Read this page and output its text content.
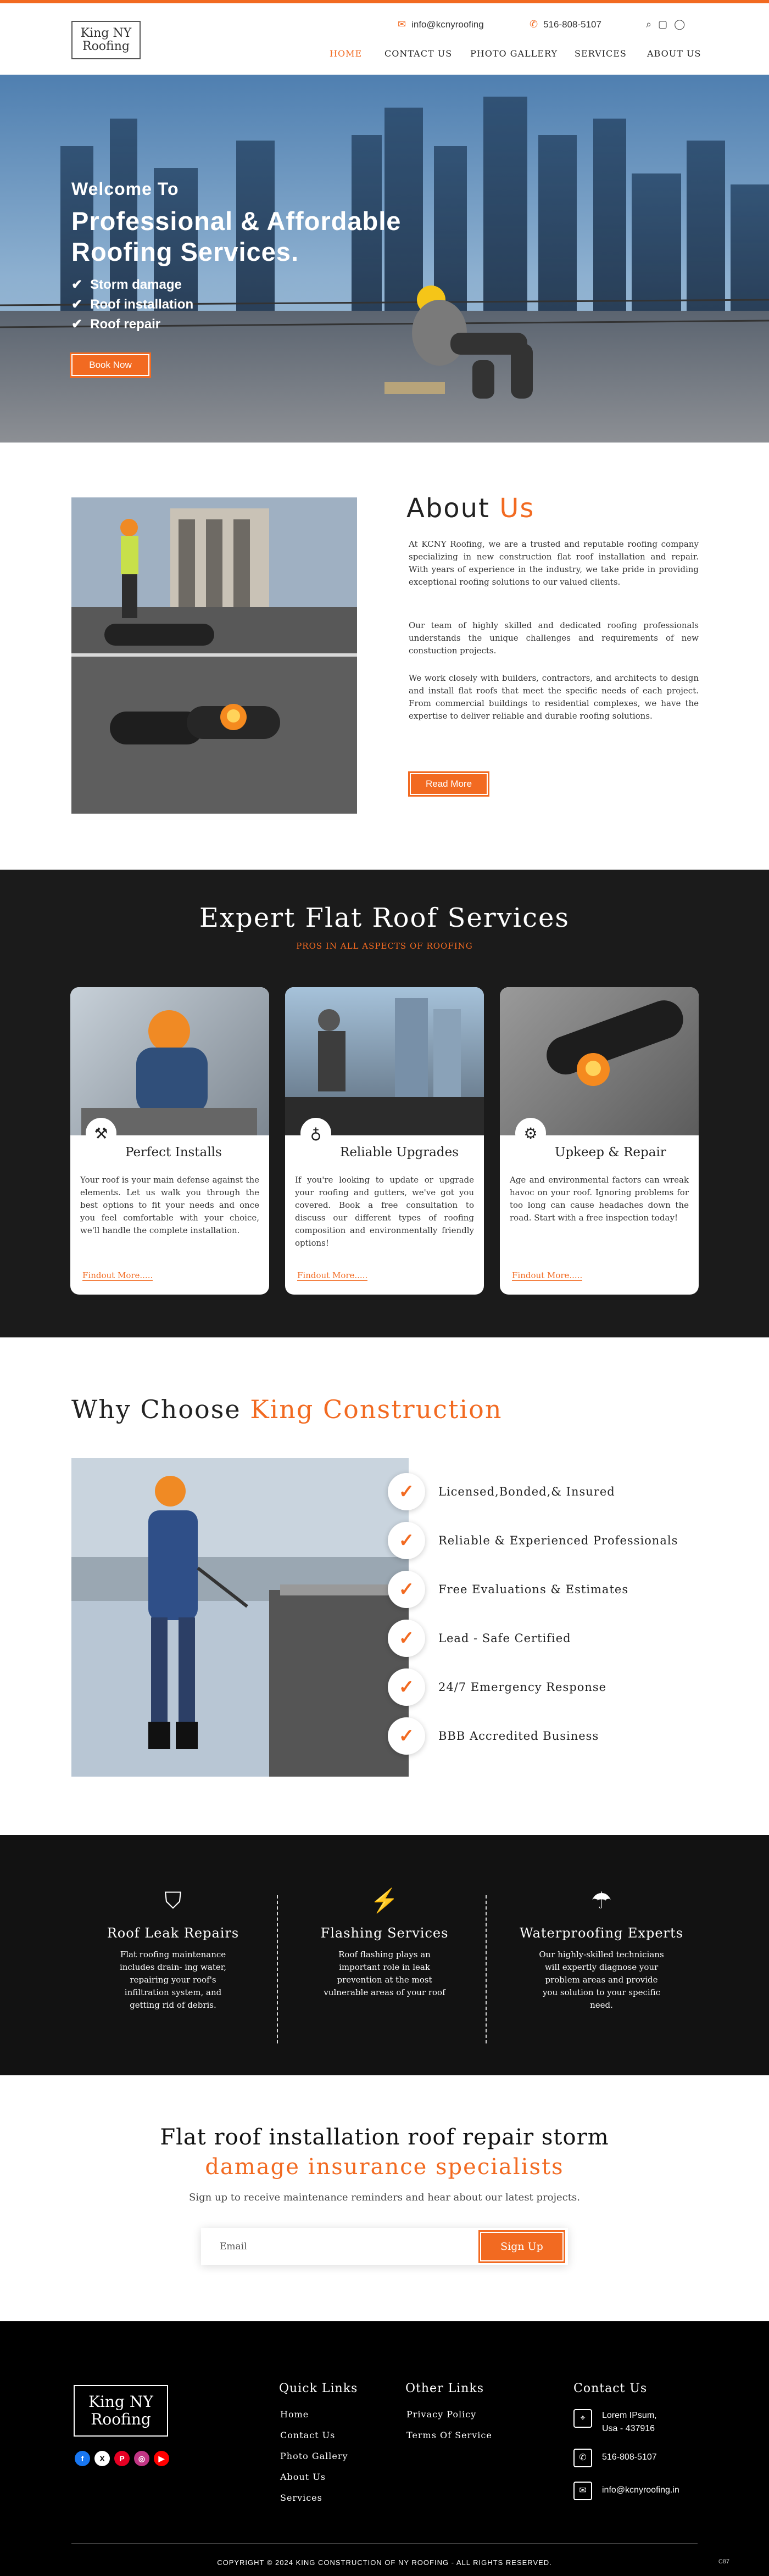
King NY
Roofing
✉ info@kcnyroofing	✆ 516-808-5107	⌕ ▢ ◯
HOME	CONTACT US PHOTO GALLERY SERVICES ABOUT US
Welcome To
Professional & Affordable
Roofing Services.
✔ Storm damage
✔ Roof installation
✔ Roof repair
Book Now
About Us

At KCNY Roofing, we are a trusted and reputable roofing company specializing in new construction flat roof installation and repair. With years of experience in the industry, we take pride in providing exceptional roofing solutions to our valued clients.

Our team of highly skilled and dedicated roofing professionals understands the unique challenges and requirements of new constuction projects.

We work closely with builders, contractors, and architects to design and install flat roofs that meet the specific needs of each project. From commercial buildings to residential complexes, we have the expertise to deliver reliable and durable roofing solutions.

Read More
Expert Flat Roof Services
PROS IN ALL ASPECTS OF ROOFING
⚒
Perfect Installs
Your roof is your main defense against the elements. Let us walk you through the best options to fit your needs and once you feel comfortable with your choice, we'll handle the complete installation.
Findout More.....
♁
Reliable Upgrades
If you're looking to update or upgrade your roofing and gutters, we've got you covered. Book a free consultation to discuss our different types of roofing composition and environmentally friendly options!
Findout More.....
⚙
Upkeep & Repair
Age and environmental factors can wreak havoc on your roof. Ignoring problems for too long can cause headaches down the road. Start with a free inspection today!
Findout More.....
Why Choose King Construction
✓	Licensed,Bonded,& Insured
✓	Reliable & Experienced Professionals
✓	Free Evaluations & Estimates
✓	Lead - Safe Certified
✓	24/7 Emergency Response
✓	BBB Accredited Business
⛉
Roof Leak Repairs
Flat roofing maintenance includes drain- ing water, repairing your roof's infiltration system, and getting rid of debris.
⚡
Flashing Services
Roof flashing plays an important role in leak prevention at the most vulnerable areas of your roof
☂
Waterproofing Experts
Our highly-skilled technicians will expertly diagnose your problem areas and provide you solution to your specific need.
Flat roof installation roof repair storm
damage insurance specialists
Sign up to receive maintenance reminders and hear about our latest projects.
Email	Sign Up
King NY
Roofing
f	X	P	◎	▶
Quick Links
Home
Contact Us
Photo Gallery
About Us
Services
Other Links
Privacy Policy
Terms Of Service
Contact Us
⌖	Lorem IPsum,
Usa - 437916
✆	516-808-5107
✉	info@kcnyroofing.in
COPYRIGHT © 2024 KING CONSTRUCTION OF NY ROOFING - ALL RIGHTS RESERVED.	C87
